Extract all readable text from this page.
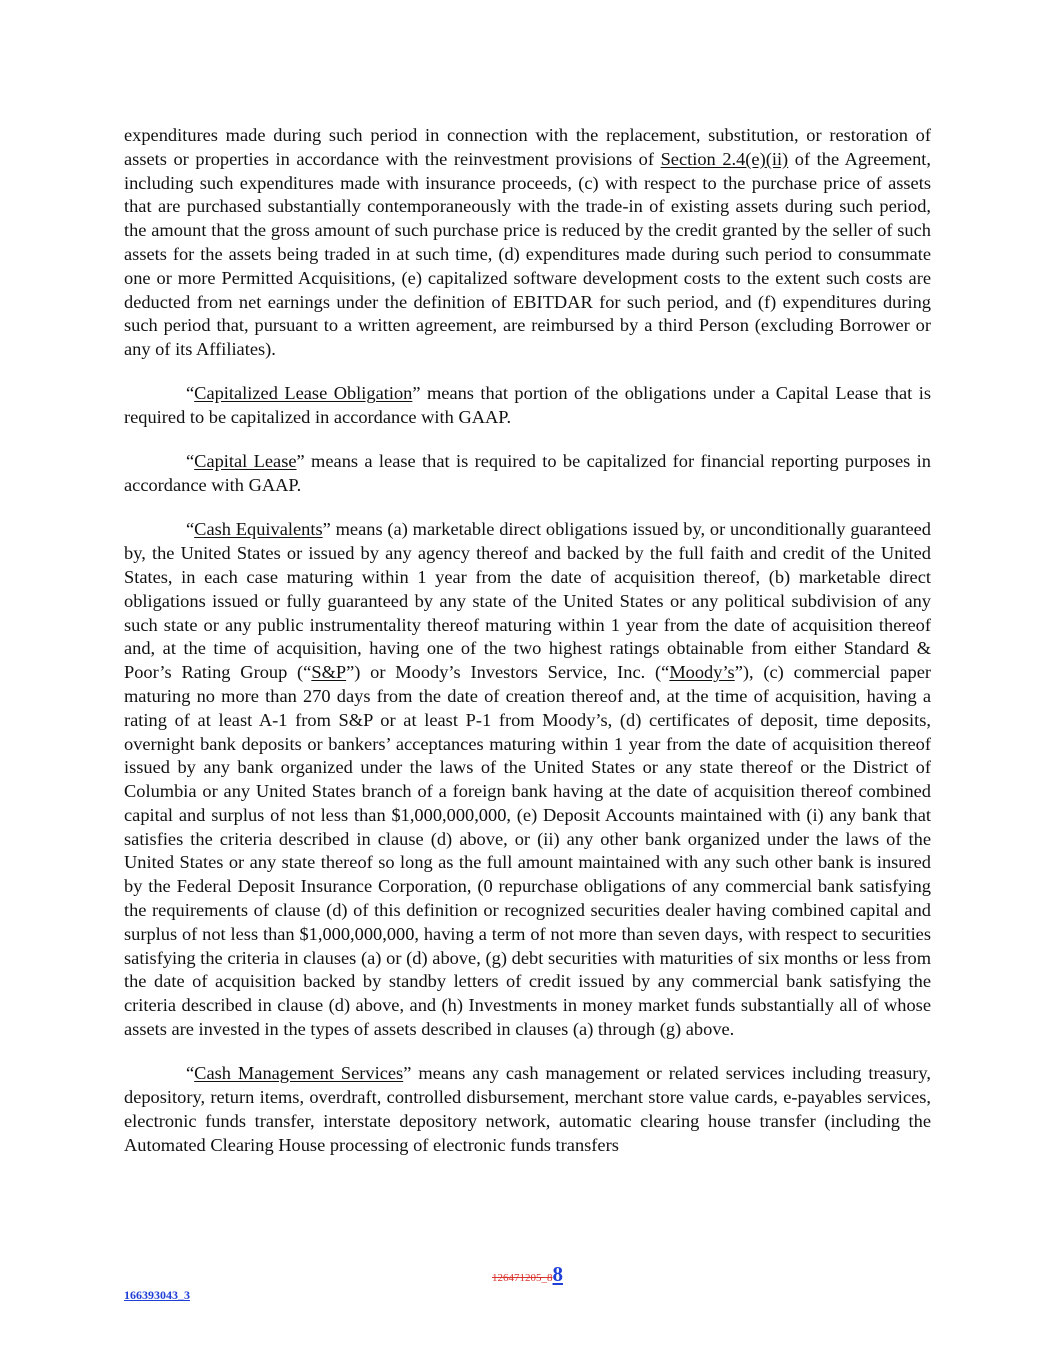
expenditures made during such period in connection with the replacement, substitution, or restoration of assets or properties in accordance with the reinvestment provisions of Section 2.4(e)(ii) of the Agreement, including such expenditures made with insurance proceeds, (c) with respect to the purchase price of assets that are purchased substantially contemporaneously with the trade-in of existing assets during such period, the amount that the gross amount of such purchase price is reduced by the credit granted by the seller of such assets for the assets being traded in at such time, (d) expenditures made during such period to consummate one or more Permitted Acquisitions, (e) capitalized software development costs to the extent such costs are deducted from net earnings under the definition of EBITDAR for such period, and (f) expenditures during such period that, pursuant to a written agreement, are reimbursed by a third Person (excluding Borrower or any of its Affiliates).

“Capitalized Lease Obligation” means that portion of the obligations under a Capital Lease that is required to be capitalized in accordance with GAAP.

“Capital Lease” means a lease that is required to be capitalized for financial reporting purposes in accordance with GAAP.

“Cash Equivalents” means (a) marketable direct obligations issued by, or unconditionally guaranteed by, the United States or issued by any agency thereof and backed by the full faith and credit of the United States, in each case maturing within 1 year from the date of acquisition thereof, (b) marketable direct obligations issued or fully guaranteed by any state of the United States or any political subdivision of any such state or any public instrumentality thereof maturing within 1 year from the date of acquisition thereof and, at the time of acquisition, having one of the two highest ratings obtainable from either Standard & Poor’s Rating Group (“S&P”) or Moody’s Investors Service, Inc. (“Moody’s”), (c) commercial paper maturing no more than 270 days from the date of creation thereof and, at the time of acquisition, having a rating of at least A-1 from S&P or at least P-1 from Moody’s, (d) certificates of deposit, time deposits, overnight bank deposits or bankers’ acceptances maturing within 1 year from the date of acquisition thereof issued by any bank organized under the laws of the United States or any state thereof or the District of Columbia or any United States branch of a foreign bank having at the date of acquisition thereof combined capital and surplus of not less than $1,000,000,000, (e) Deposit Accounts maintained with (i) any bank that satisfies the criteria described in clause (d) above, or (ii) any other bank organized under the laws of the United States or any state thereof so long as the full amount maintained with any such other bank is insured by the Federal Deposit Insurance Corporation, (0 repurchase obligations of any commercial bank satisfying the requirements of clause (d) of this definition or recognized securities dealer having combined capital and surplus of not less than $1,000,000,000, having a term of not more than seven days, with respect to securities satisfying the criteria in clauses (a) or (d) above, (g) debt securities with maturities of six months or less from the date of acquisition backed by standby letters of credit issued by any commercial bank satisfying the criteria described in clause (d) above, and (h) Investments in money market funds substantially all of whose assets are invested in the types of assets described in clauses (a) through (g) above.

“Cash Management Services” means any cash management or related services including treasury, depository, return items, overdraft, controlled disbursement, merchant store value cards, e-payables services, electronic funds transfer, interstate depository network, automatic clearing house transfer (including the Automated Clearing House processing of electronic funds transfers

126471205_88
166393043_3
